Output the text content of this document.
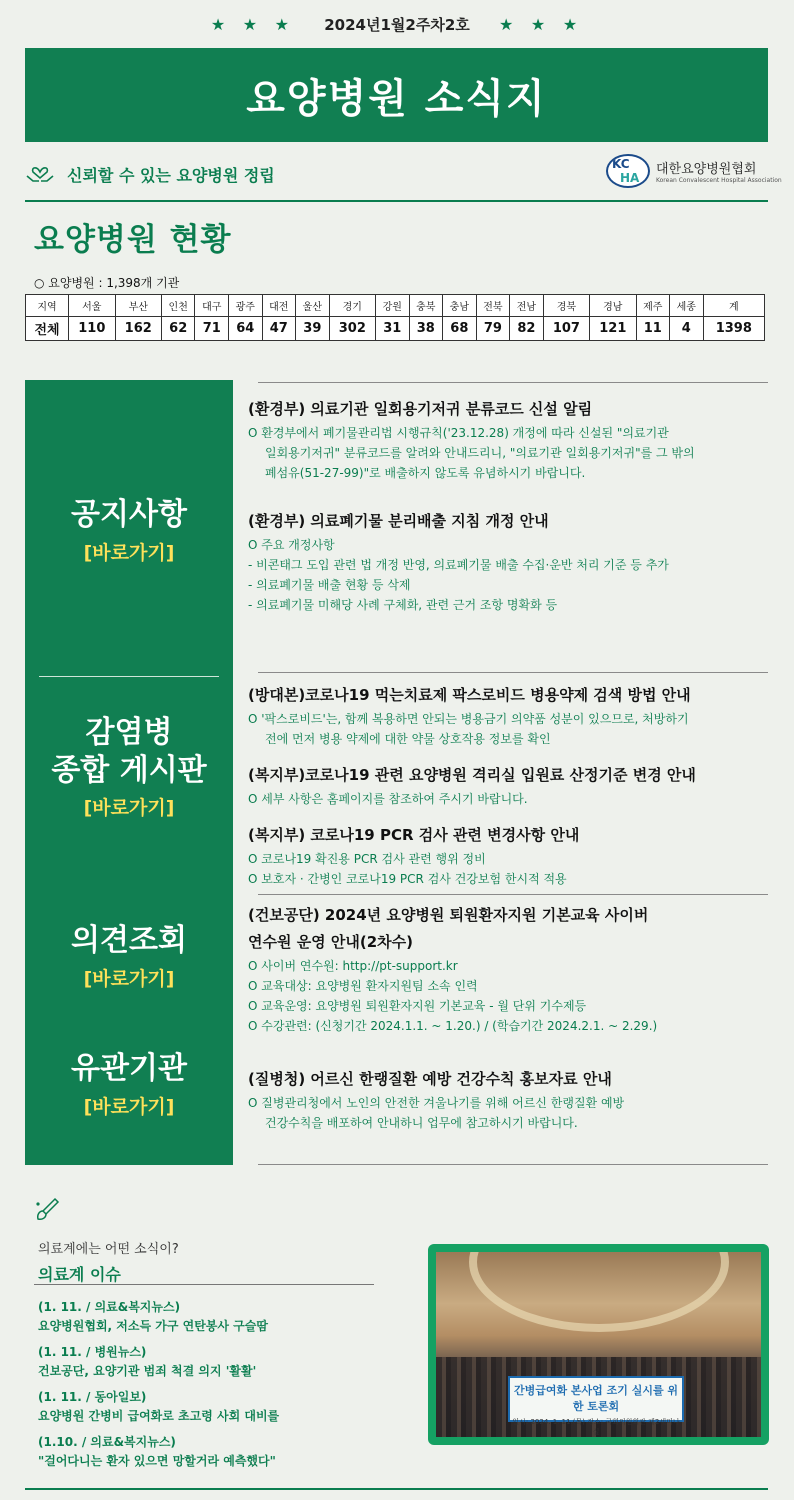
★ ★ ★ 2024년1월2주차2호 ★ ★ ★
요양병원 소식지
신뢰할 수 있는 요양병원 정립
KC
HA
대한요양병원협회
Korean Convalescent Hospital Association
요양병원 현황
○ 요양병원 : 1,398개 기관
지역	서울	부산	인천	대구	광주	대전	울산	경기	강원	충북	충남	전북	전남	경북	경남	제주	세종	계
전체	110	162	62	71	64	47	39	302	31	38	68	79	82	107	121	11	4	1398
공지사항
[바로가기]
감염병
종합 게시판
[바로가기]
의견조회
[바로가기]
유관기관
[바로가기]
(환경부) 의료기관 일회용기저귀 분류코드 신설 알림
O 환경부에서 폐기물관리법 시행규칙('23.12.28) 개정에 따라 신설된 "의료기관
일회용기저귀" 분류코드를 알려와 안내드리니, "의료기관 일회용기저귀"를 그 밖의
폐섬유(51-27-99)"로 배출하지 않도록 유념하시기 바랍니다.
(환경부) 의료폐기물 분리배출 지침 개정 안내
O 주요 개정사항
- 비콘태그 도입 관련 법 개정 반영, 의료폐기물 배출 수집·운반 처리 기준 등 추가
- 의료폐기물 배출 현황 등 삭제
- 의료폐기물 미해당 사례 구체화, 관련 근거 조항 명확화 등
(방대본)코로나19 먹는치료제 팍스로비드 병용약제 검색 방법 안내
O '팍스로비드'는, 함께 복용하면 안되는 병용금기 의약품 성분이 있으므로, 처방하기
전에 먼저 병용 약제에 대한 약물 상호작용 정보를 확인
(복지부)코로나19 관련 요양병원 격리실 입원료 산정기준 변경 안내
O 세부 사항은 홈페이지를 참조하여 주시기 바랍니다.
(복지부) 코로나19 PCR 검사 관련 변경사항 안내
O 코로나19 확진용 PCR 검사 관련 행위 정비
O 보호자 · 간병인 코로나19 PCR 검사 건강보험 한시적 적용
(건보공단) 2024년 요양병원 퇴원환자지원 기본교육 사이버
연수원 운영 안내(2차수)
O 사이버 연수원: http://pt-support.kr
O 교육대상: 요양병원 환자지원팀 소속 인력
O 교육운영: 요양병원 퇴원환자지원 기본교육 - 월 단위 기수제등
O 수강관련: (신청기간 2024.1.1. ~ 1.20.) / (학습기간 2024.2.1. ~ 2.29.)
(질병청) 어르신 한랭질환 예방 건강수칙 홍보자료 안내
O 질병관리청에서 노인의 안전한 겨울나기를 위해 어르신 한랭질환 예방
건강수칙을 배포하여 안내하니 업무에 참고하시기 바랍니다.
의료계에는 어떤 소식이?
의료계 이슈
(1. 11. / 의료&복지뉴스)
요양병원협회, 저소득 가구 연탄봉사 구슬땀
(1. 11. / 병원뉴스)
건보공단, 요양기관 범죄 척결 의지 '활활'
(1. 11. / 동아일보)
요양병원 간병비 급여화로 초고령 사회 대비를
(1.10. / 의료&복지뉴스)
"걸어다니는 환자 있으면 망할거라 예측했다"
간병급여화 본사업 조기 실시를 위한 토론회
일시: 2024. 1. 11.(목) 장소: 국회의원회관 제2세미나실
